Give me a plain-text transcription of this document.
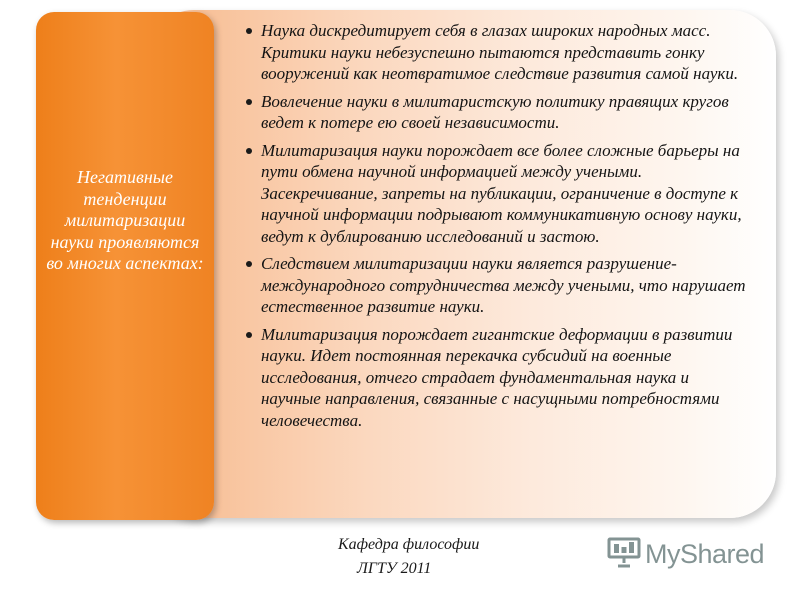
Негативные тенденции милитаризации науки проявляются во многих аспектах:

Наука дискредитирует себя в глазах широких народных масс. Критики науки небезуспешно пытаются представить гонку вооружений как неотвратимое следствие развития самой науки.
Вовлечение науки в милитаристскую политику правящих кругов ведет к потере ею своей независимости.
Милитаризация науки порождает все более сложные барьеры на пути обмена научной информацией между учеными. Засекречивание, запреты на публикации, ограничение в доступе к научной информации подрывают коммуникативную основу науки, ведут к дублированию исследований и застою.
Следствием милитаризации науки является разрушение- международного сотрудничества между учеными, что нарушает естественное развитие науки.
Милитаризация порождает гигантские деформации в развитии науки. Идет постоянная перекачка субсидий на военные исследования, отчего страдает фундаментальная наука и научные направления, связанные с насущными потребностями человечества.
Кафедра философии
ЛГТУ 2011	MyShared
